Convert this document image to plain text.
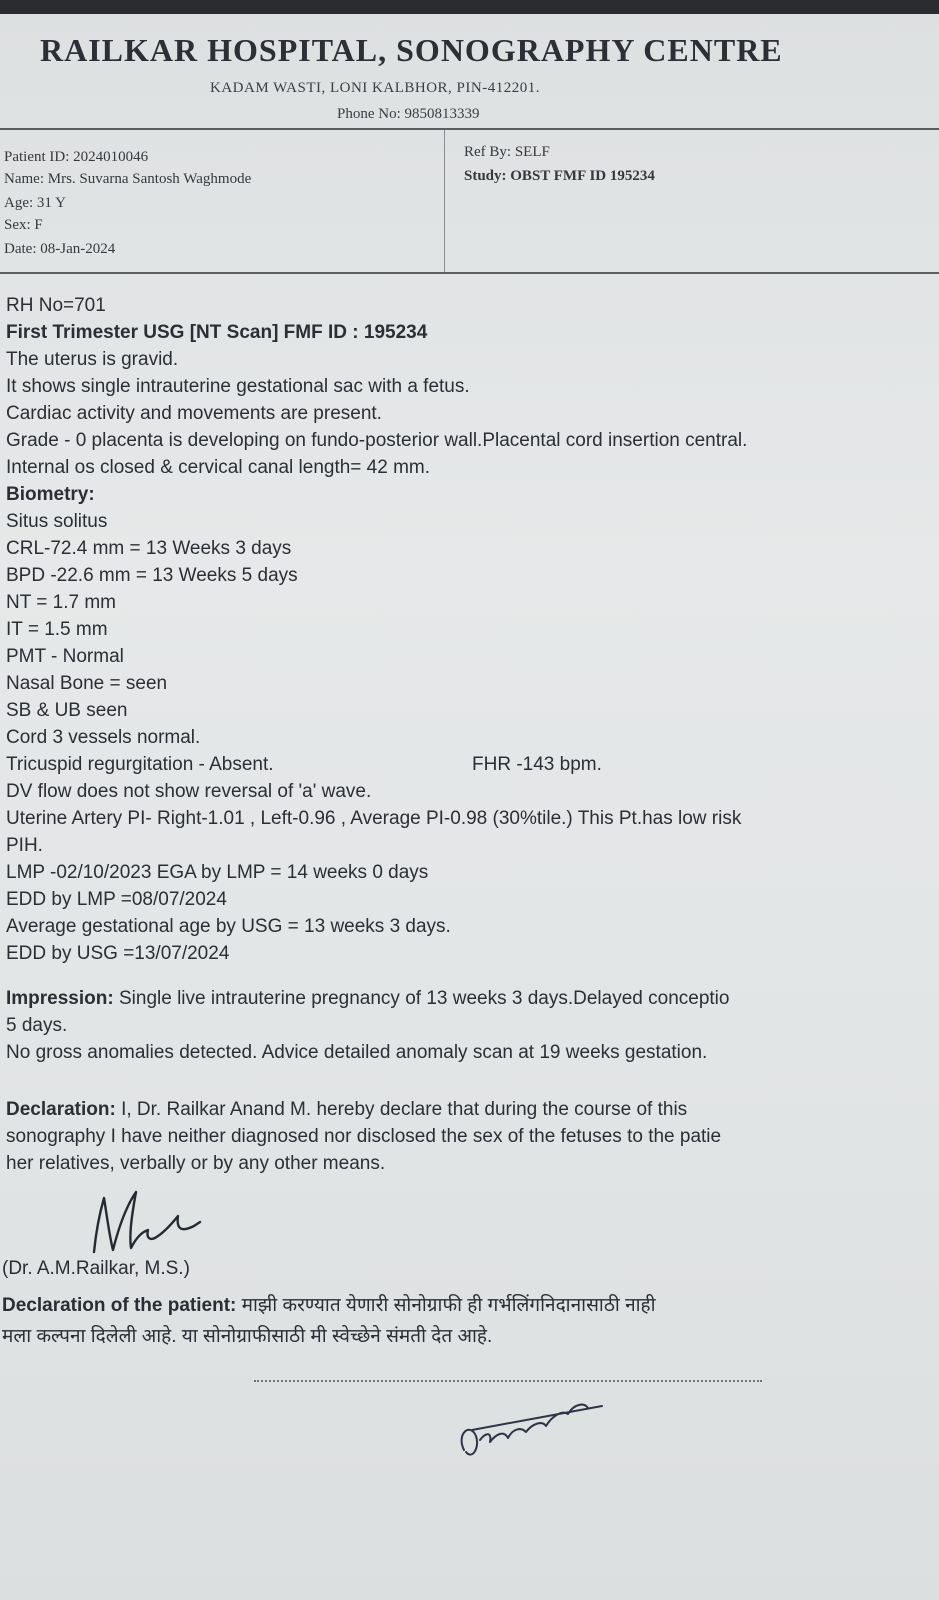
RAILKAR HOSPITAL, SONOGRAPHY CENTRE
KADAM WASTI, LONI KALBHOR, PIN-412201.
Phone No: 9850813339
Patient ID: 2024010046
Name: Mrs. Suvarna Santosh Waghmode
Age: 31 Y
Sex: F
Date: 08-Jan-2024
Ref By: SELF
Study: OBST FMF ID 195234
RH No=701
First Trimester USG [NT Scan] FMF ID : 195234
The uterus is gravid.
It shows single intrauterine gestational sac with a fetus.
Cardiac activity and movements are present.
Grade - 0 placenta is developing on fundo-posterior wall.Placental cord insertion central.
Internal os closed & cervical canal length= 42 mm.
Biometry:
Situs solitus
CRL-72.4 mm = 13 Weeks 3 days
BPD -22.6 mm = 13 Weeks 5 days
NT = 1.7 mm
IT = 1.5 mm
PMT - Normal
Nasal Bone = seen
SB & UB seen
Cord 3 vessels normal.
Tricuspid regurgitation - Absent.	FHR -143 bpm.
DV flow does not show reversal of 'a' wave.
Uterine Artery PI- Right-1.01 , Left-0.96 , Average PI-0.98 (30%tile.) This Pt.has low risk
PIH.
LMP -02/10/2023 EGA by LMP = 14 weeks 0 days
EDD by LMP =08/07/2024
Average gestational age by USG = 13 weeks 3 days.
EDD by USG =13/07/2024
Impression: Single live intrauterine pregnancy of 13 weeks 3 days.Delayed conceptio
5 days.
No gross anomalies detected. Advice detailed anomaly scan at 19 weeks gestation.
Declaration: I, Dr. Railkar Anand M. hereby declare that during the course of this
sonography I have neither diagnosed nor disclosed the sex of the fetuses to the patie
her relatives, verbally or by any other means.
(Dr. A.M.Railkar, M.S.)
Declaration of the patient: माझी करण्यात येणारी सोनोग्राफी ही गर्भलिंगनिदानासाठी नाही
मला कल्पना दिलेली आहे. या सोनोग्राफीसाठी मी स्वेच्छेने संमती देत आहे.
